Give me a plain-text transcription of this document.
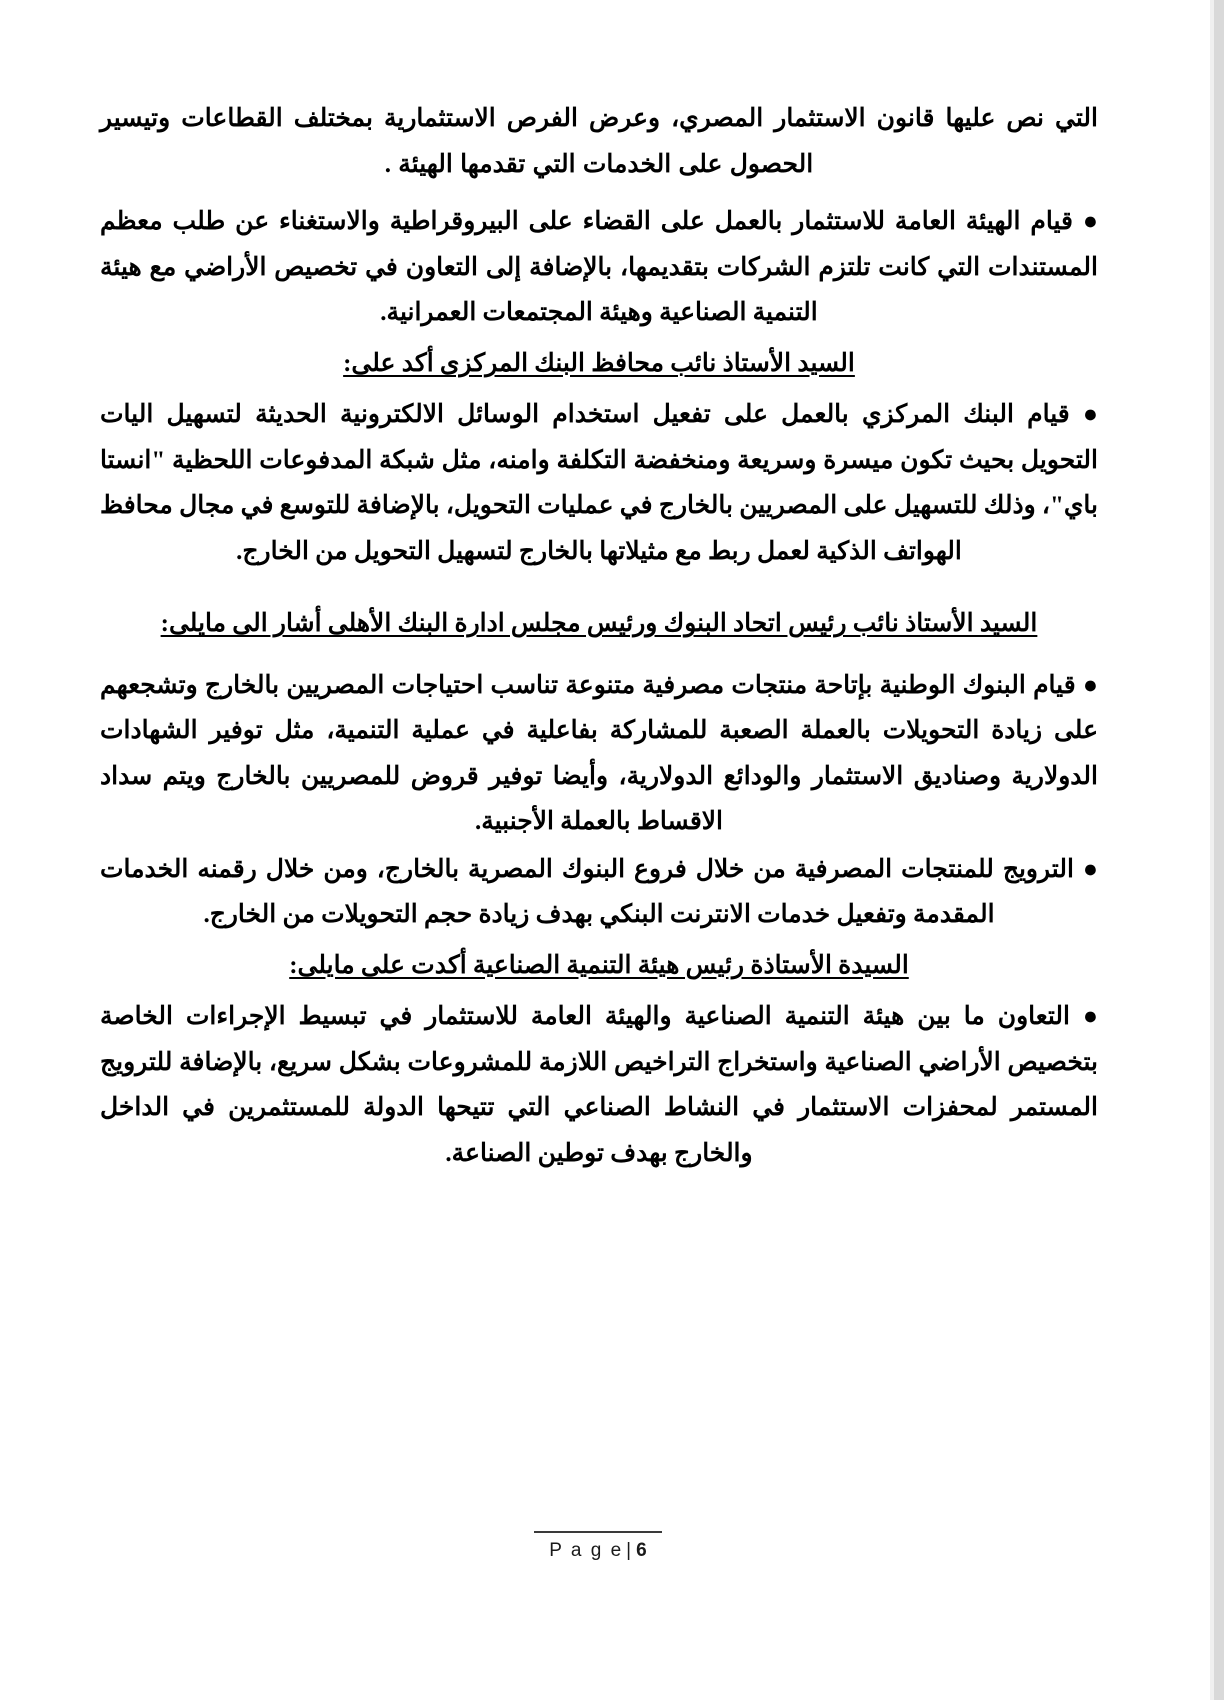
التي نص عليها قانون الاستثمار المصري، وعرض الفرص الاستثمارية بمختلف القطاعات وتيسير الحصول على الخدمات التي تقدمها الهيئة .

● قيام الهيئة العامة للاستثمار بالعمل على القضاء على البيروقراطية والاستغناء عن طلب معظم المستندات التي كانت تلتزم الشركات بتقديمها، بالإضافة إلى التعاون في تخصيص الأراضي مع هيئة التنمية الصناعية وهيئة المجتمعات العمرانية.

السيد الأستاذ نائب محافظ البنك المركزى أكد على:

● قيام البنك المركزي بالعمل على تفعيل استخدام الوسائل الالكترونية الحديثة لتسهيل اليات التحويل بحيث تكون ميسرة وسريعة ومنخفضة التكلفة وامنه، مثل شبكة المدفوعات اللحظية "انستا باي"، وذلك للتسهيل على المصريين بالخارج في عمليات التحويل، بالإضافة للتوسع في مجال محافظ الهواتف الذكية لعمل ربط مع مثيلاتها بالخارج لتسهيل التحويل من الخارج.

السيد الأستاذ نائب رئيس اتحاد البنوك ورئيس مجلس ادارة البنك الأهلى أشار الى مايلى:

● قيام البنوك الوطنية بإتاحة منتجات مصرفية متنوعة تناسب احتياجات المصريين بالخارج وتشجعهم على زيادة التحويلات بالعملة الصعبة للمشاركة بفاعلية في عملية التنمية، مثل توفير الشهادات الدولارية وصناديق الاستثمار والودائع الدولارية، وأيضا توفير قروض للمصريين بالخارج ويتم سداد الاقساط بالعملة الأجنبية.

● الترويج للمنتجات المصرفية من خلال فروع البنوك المصرية بالخارج، ومن خلال رقمنه الخدمات المقدمة وتفعيل خدمات الانترنت البنكي بهدف زيادة حجم التحويلات من الخارج.

السيدة الأستاذة رئيس هيئة التنمية الصناعية أكدت على مايلى:

● التعاون ما بين هيئة التنمية الصناعية والهيئة العامة للاستثمار في تبسيط الإجراءات الخاصة بتخصيص الأراضي الصناعية واستخراج التراخيص اللازمة للمشروعات بشكل سريع، بالإضافة للترويج المستمر لمحفزات الاستثمار في النشاط الصناعي التي تتيحها الدولة للمستثمرين في الداخل والخارج بهدف توطين الصناعة.

P a g e | 6
